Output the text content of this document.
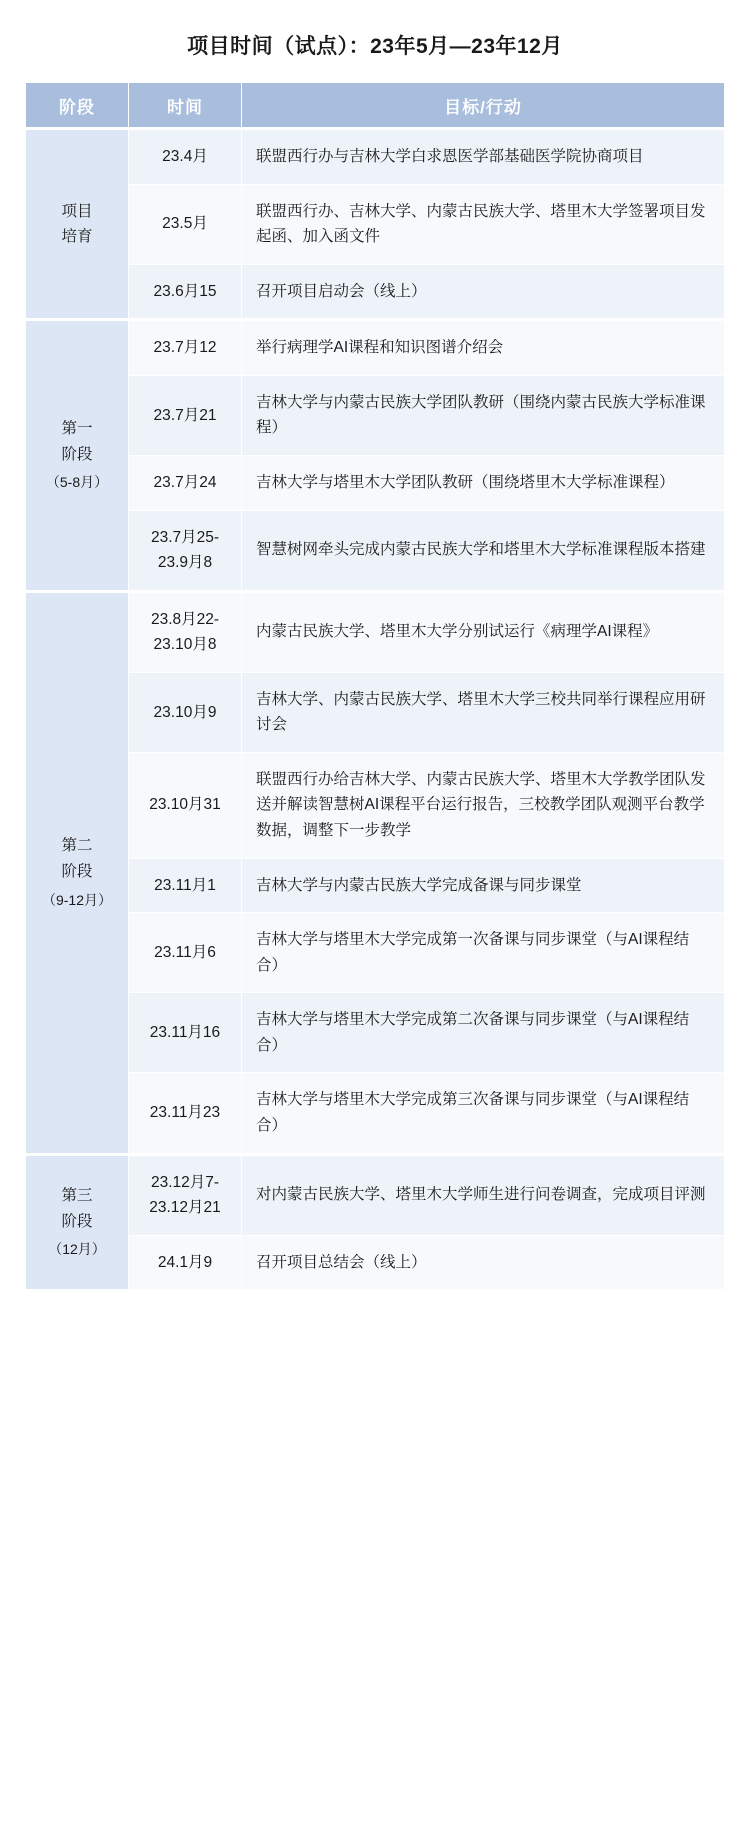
项目时间（试点）：23年5月—23年12月
阶段	时间	目标/行动
项目
培育	23.4月	联盟西行办与吉林大学白求恩医学部基础医学院协商项目
	23.5月	联盟西行办、吉林大学、内蒙古民族大学、塔里木大学签署项目发起函、加入函文件
	23.6月15	召开项目启动会（线上）
第一
阶段
（5-8月）	23.7月12	举行病理学AI课程和知识图谱介绍会
	23.7月21	吉林大学与内蒙古民族大学团队教研（围绕内蒙古民族大学标准课程）
	23.7月24	吉林大学与塔里木大学团队教研（围绕塔里木大学标准课程）
	23.7月25-23.9月8	智慧树网牵头完成内蒙古民族大学和塔里木大学标准课程版本搭建
第二
阶段
（9-12月）	23.8月22-23.10月8	内蒙古民族大学、塔里木大学分别试运行《病理学AI课程》
	23.10月9	吉林大学、内蒙古民族大学、塔里木大学三校共同举行课程应用研讨会
	23.10月31	联盟西行办给吉林大学、内蒙古民族大学、塔里木大学教学团队发送并解读智慧树AI课程平台运行报告，三校教学团队观测平台教学数据，调整下一步教学
	23.11月1	吉林大学与内蒙古民族大学完成备课与同步课堂
	23.11月6	吉林大学与塔里木大学完成第一次备课与同步课堂（与AI课程结合）
	23.11月16	吉林大学与塔里木大学完成第二次备课与同步课堂（与AI课程结合）
	23.11月23	吉林大学与塔里木大学完成第三次备课与同步课堂（与AI课程结合）
第三
阶段
（12月）	23.12月7-23.12月21	对内蒙古民族大学、塔里木大学师生进行问卷调查，完成项目评测
	24.1月9	召开项目总结会（线上）
